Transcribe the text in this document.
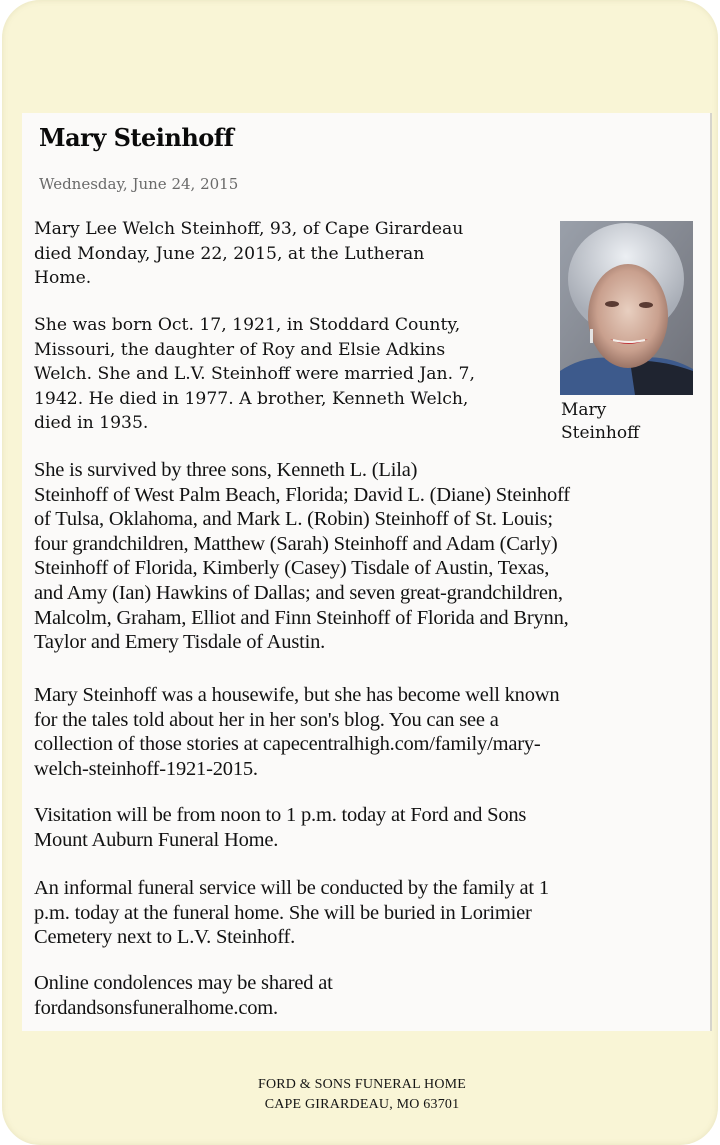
Mary Steinhoff
Wednesday, June 24, 2015

Mary Lee Welch Steinhoff, 93, of Cape Girardeau
died Monday, June 22, 2015, at the Lutheran
Home.

She was born Oct. 17, 1921, in Stoddard County,
Missouri, the daughter of Roy and Elsie Adkins
Welch. She and L.V. Steinhoff were married Jan. 7,
1942. He died in 1977. A brother, Kenneth Welch,
died in 1935.

She is survived by three sons, Kenneth L. (Lila)
Steinhoff of West Palm Beach, Florida; David L. (Diane) Steinhoff
of Tulsa, Oklahoma, and Mark L. (Robin) Steinhoff of St. Louis;
four grandchildren, Matthew (Sarah) Steinhoff and Adam (Carly)
Steinhoff of Florida, Kimberly (Casey) Tisdale of Austin, Texas,
and Amy (Ian) Hawkins of Dallas; and seven great-grandchildren,
Malcolm, Graham, Elliot and Finn Steinhoff of Florida and Brynn,
Taylor and Emery Tisdale of Austin.

Mary Steinhoff was a housewife, but she has become well known
for the tales told about her in her son's blog. You can see a
collection of those stories at capecentralhigh.com/family/mary-
welch-steinhoff-1921-2015.

Visitation will be from noon to 1 p.m. today at Ford and Sons
Mount Auburn Funeral Home.

An informal funeral service will be conducted by the family at 1
p.m. today at the funeral home. She will be buried in Lorimier
Cemetery next to L.V. Steinhoff.

Online condolences may be shared at
fordandsonsfuneralhome.com.

Mary
Steinhoff
FORD & SONS FUNERAL HOME
CAPE GIRARDEAU, MO 63701
